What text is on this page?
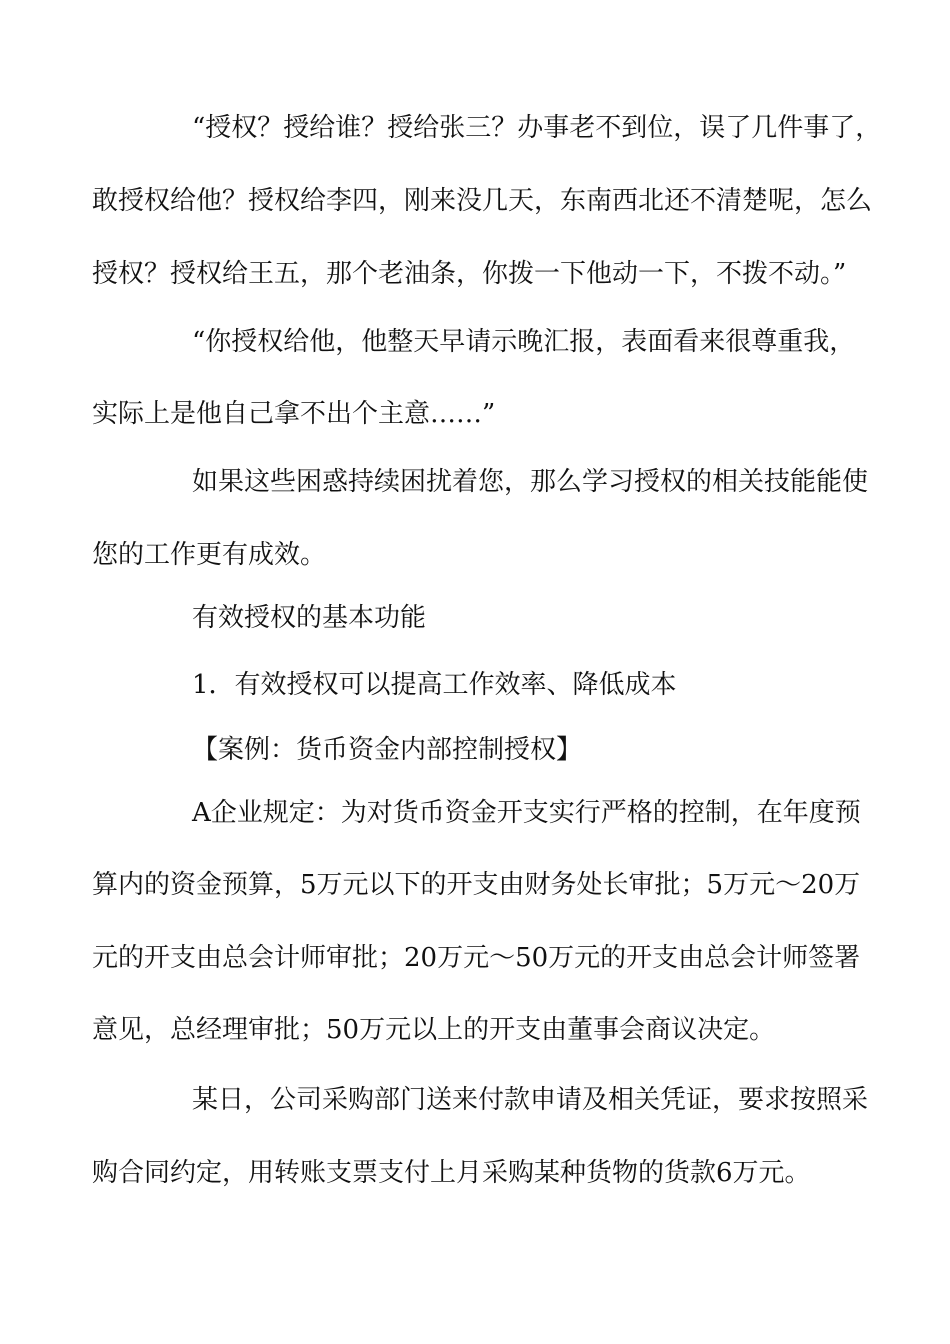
“授权？授给谁？授给张三？办事老不到位，误了几件事了，
敢授权给他？授权给李四，刚来没几天，东南西北还不清楚呢，怎么
授权？授权给王五，那个老油条，你拨一下他动一下，不拨不动。”
“你授权给他，他整天早请示晚汇报，表面看来很尊重我，
实际上是他自己拿不出个主意……”
如果这些困惑持续困扰着您，那么学习授权的相关技能能使
您的工作更有成效。
有效授权的基本功能
1．有效授权可以提高工作效率、降低成本
【案例：货币资金内部控制授权】
A企业规定：为对货币资金开支实行严格的控制，在年度预
算内的资金预算，5万元以下的开支由财务处长审批；5万元～20万
元的开支由总会计师审批；20万元～50万元的开支由总会计师签署
意见，总经理审批；50万元以上的开支由董事会商议决定。
某日，公司采购部门送来付款申请及相关凭证，要求按照采
购合同约定，用转账支票支付上月采购某种货物的货款6万元。
